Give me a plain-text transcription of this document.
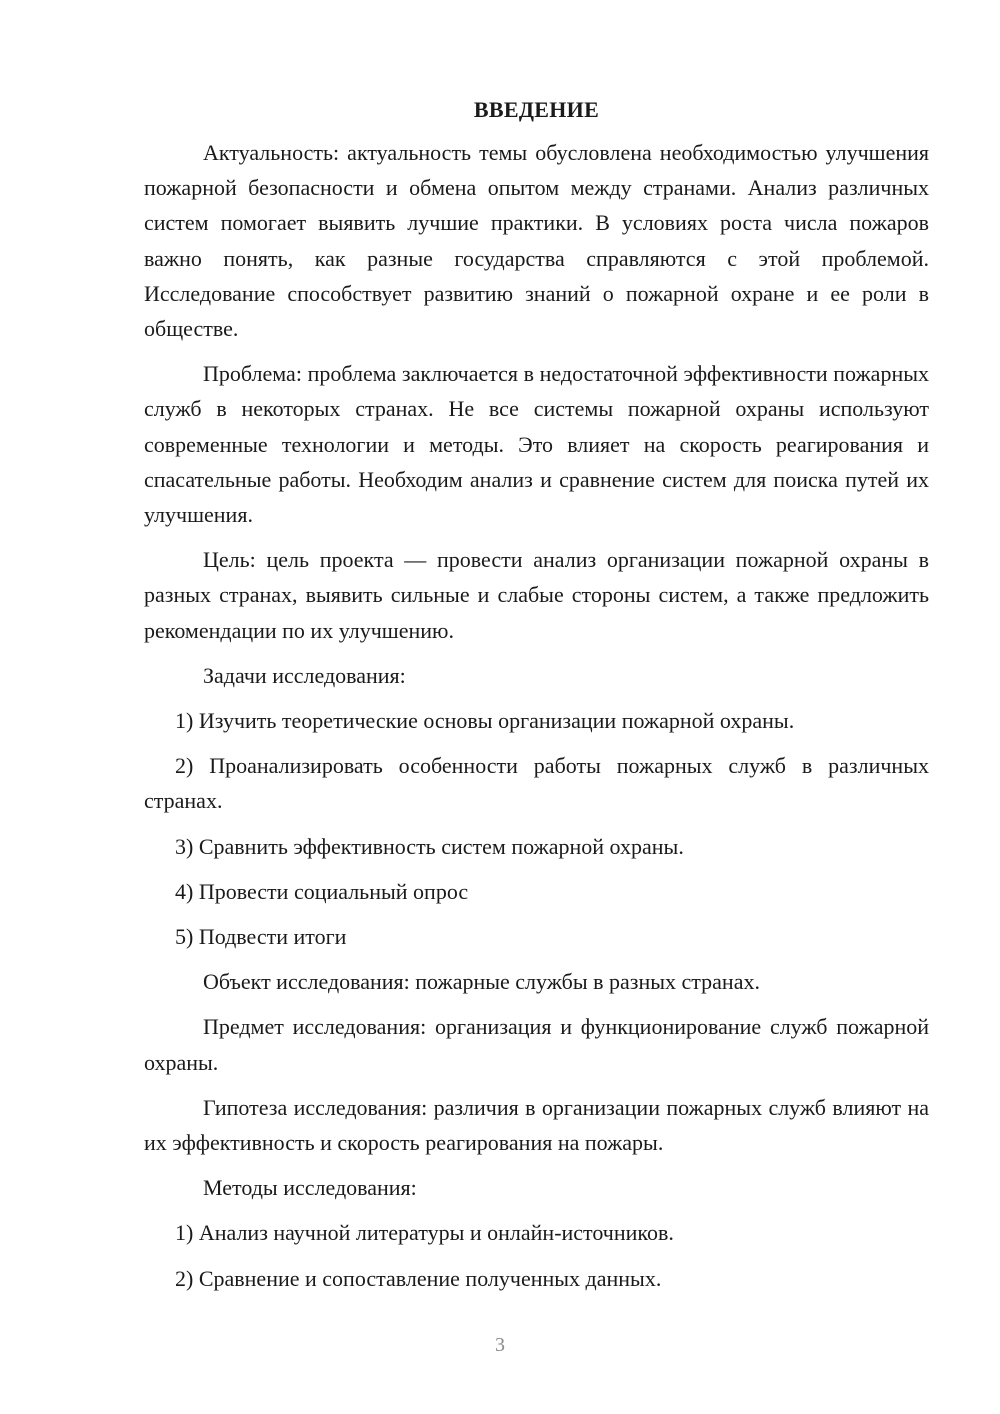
ВВЕДЕНИЕ

Актуальность: актуальность темы обусловлена необходимостью улучшения пожарной безопасности и обмена опытом между странами. Анализ различных систем помогает выявить лучшие практики. В условиях роста числа пожаров важно понять, как разные государства справляются с этой проблемой. Исследование способствует развитию знаний о пожарной охране и ее роли в обществе.

Проблема: проблема заключается в недостаточной эффективности пожарных служб в некоторых странах. Не все системы пожарной охраны используют современные технологии и методы. Это влияет на скорость реагирования и спасательные работы. Необходим анализ и сравнение систем для поиска путей их улучшения.

Цель: цель проекта — провести анализ организации пожарной охраны в разных странах, выявить сильные и слабые стороны систем, а также предложить рекомендации по их улучшению.

Задачи исследования:

1) Изучить теоретические основы организации пожарной охраны.

2) Проанализировать особенности работы пожарных служб в различных странах.

3) Сравнить эффективность систем пожарной охраны.

4) Провести социальный опрос

5) Подвести итоги

Объект исследования: пожарные службы в разных странах.

Предмет исследования: организация и функционирование служб пожарной охраны.

Гипотеза исследования: различия в организации пожарных служб влияют на их эффективность и скорость реагирования на пожары.

Методы исследования:

1) Анализ научной литературы и онлайн-источников.

2) Сравнение и сопоставление полученных данных.

3
